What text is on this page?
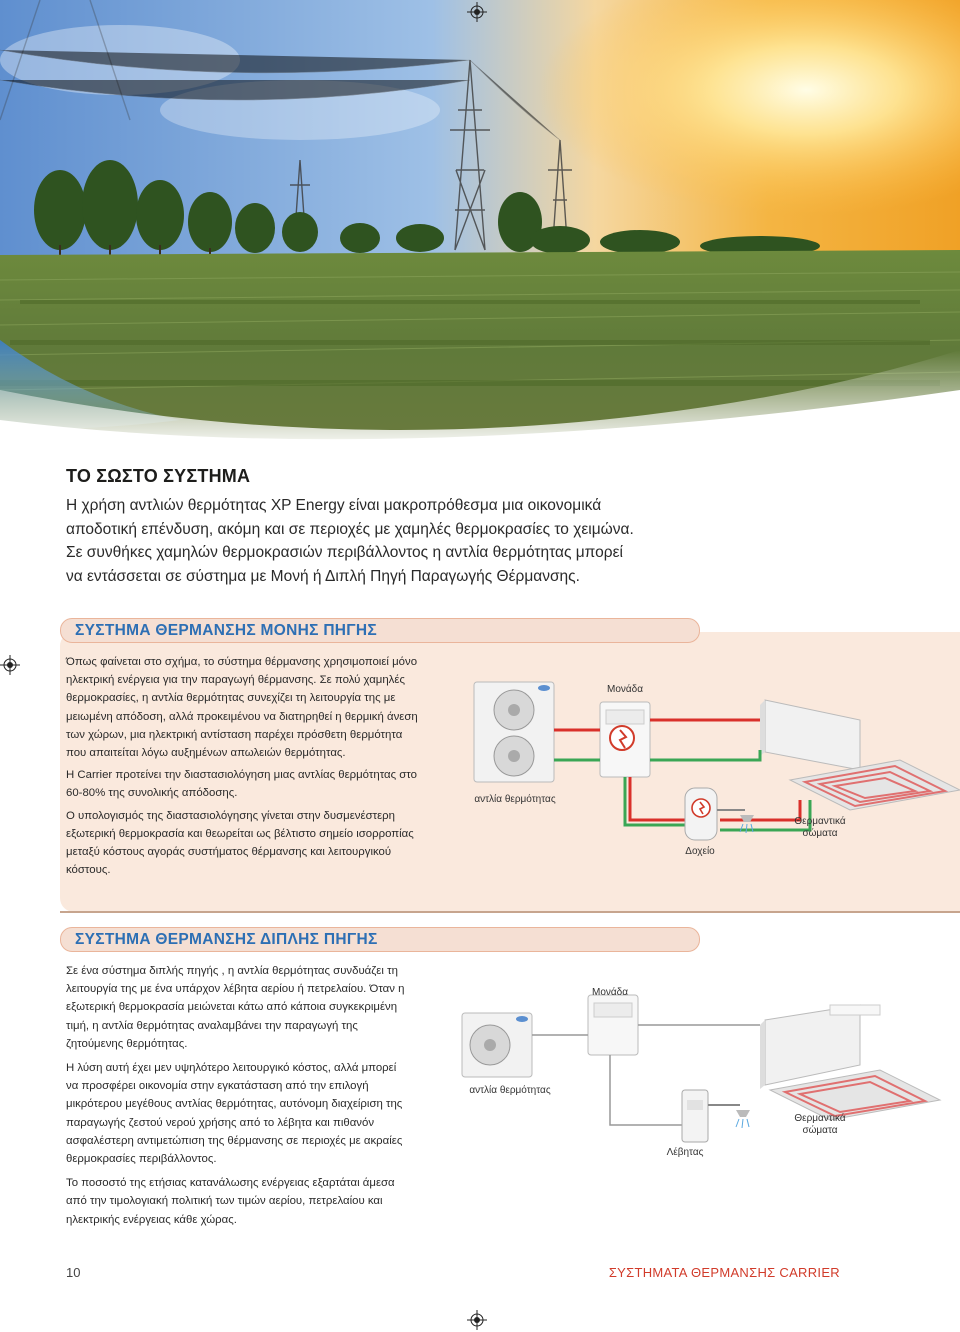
ΤΟ ΣΩΣΤΟ ΣΥΣΤΗΜΑ

Η χρήση αντλιών θερμότητας XP Energy είναι μακροπρόθεσμα μια οικονομικά αποδοτική επένδυση, ακόμη και σε περιοχές με χαμηλές θερμοκρασίες το χειμώνα. Σε συνθήκες χαμηλών θερμοκρασιών περιβάλλοντος η αντλία θερμότητας μπορεί να εντάσσεται σε σύστημα με Μονή ή Διπλή Πηγή Παραγωγής Θέρμανσης.

ΣΥΣΤΗΜΑ ΘΕΡΜΑΝΣΗΣ ΜΟΝΗΣ ΠΗΓΗΣ

Όπως φαίνεται στο σχήμα, το σύστημα θέρμανσης χρησιμοποιεί μόνο ηλεκτρική ενέργεια για την παραγωγή θέρμανσης. Σε πολύ χαμηλές θερμοκρασίες, η αντλία θερμότητας συνεχίζει τη λειτουργία της με μειωμένη απόδοση, αλλά προκειμένου να διατηρηθεί η θερμική άνεση των χώρων, μια ηλεκτρική αντίσταση παρέχει πρόσθετη θερμότητα που απαιτείται λόγω αυξημένων απωλειών θερμότητας.

Η Carrier προτείνει την διαστασιολόγηση μιας αντλίας θερμότητας στο 60-80% της συνολικής απόδοσης.

Ο υπολογισμός της διαστασιολόγησης γίνεται στην δυσμενέστερη εξωτερική θερμοκρασία και θεωρείται ως βέλτιστο σημείο ισορροπίας μεταξύ κόστους αγοράς συστήματος θέρμανσης και λειτουργικού κόστους.

Μονάδα
αντλία θερμότητας
Δοχείο
Θερμαντικά
σώματα
ΣΥΣΤΗΜΑ ΘΕΡΜΑΝΣΗΣ ΔΙΠΛΗΣ ΠΗΓΗΣ

Σε ένα σύστημα διπλής πηγής , η αντλία θερμότητας συνδυάζει τη λειτουργία της με ένα υπάρχον λέβητα αερίου ή πετρελαίου. Όταν η εξωτερική θερμοκρασία μειώνεται κάτω από κάποια συγκεκριμένη τιμή, η αντλία θερμότητας αναλαμβάνει την παραγωγή της ζητούμενης θερμότητας.

Η λύση αυτή έχει μεν υψηλότερο λειτουργικό κόστος, αλλά μπορεί να προσφέρει οικονομία στην εγκατάσταση από την επιλογή μικρότερου μεγέθους αντλίας θερμότητας, αυτόνομη διαχείριση της παραγωγής ζεστού νερού χρήσης από το λέβητα και πιθανόν ασφαλέστερη αντιμετώπιση της θέρμανσης σε περιοχές με ακραίες θερμοκρασίες περιβάλλοντος.

Το ποσοστό της ετήσιας κατανάλωσης ενέργειας εξαρτάται άμεσα από την τιμολογιακή πολιτική των τιμών αερίου, πετρελαίου και ηλεκτρικής ενέργειας κάθε χώρας.

Μονάδα
αντλία θερμότητας
Λέβητας
Θερμαντικά
σώματα
10	ΣΥΣΤΗΜΑΤΑ ΘΕΡΜΑΝΣΗΣ CARRIER
